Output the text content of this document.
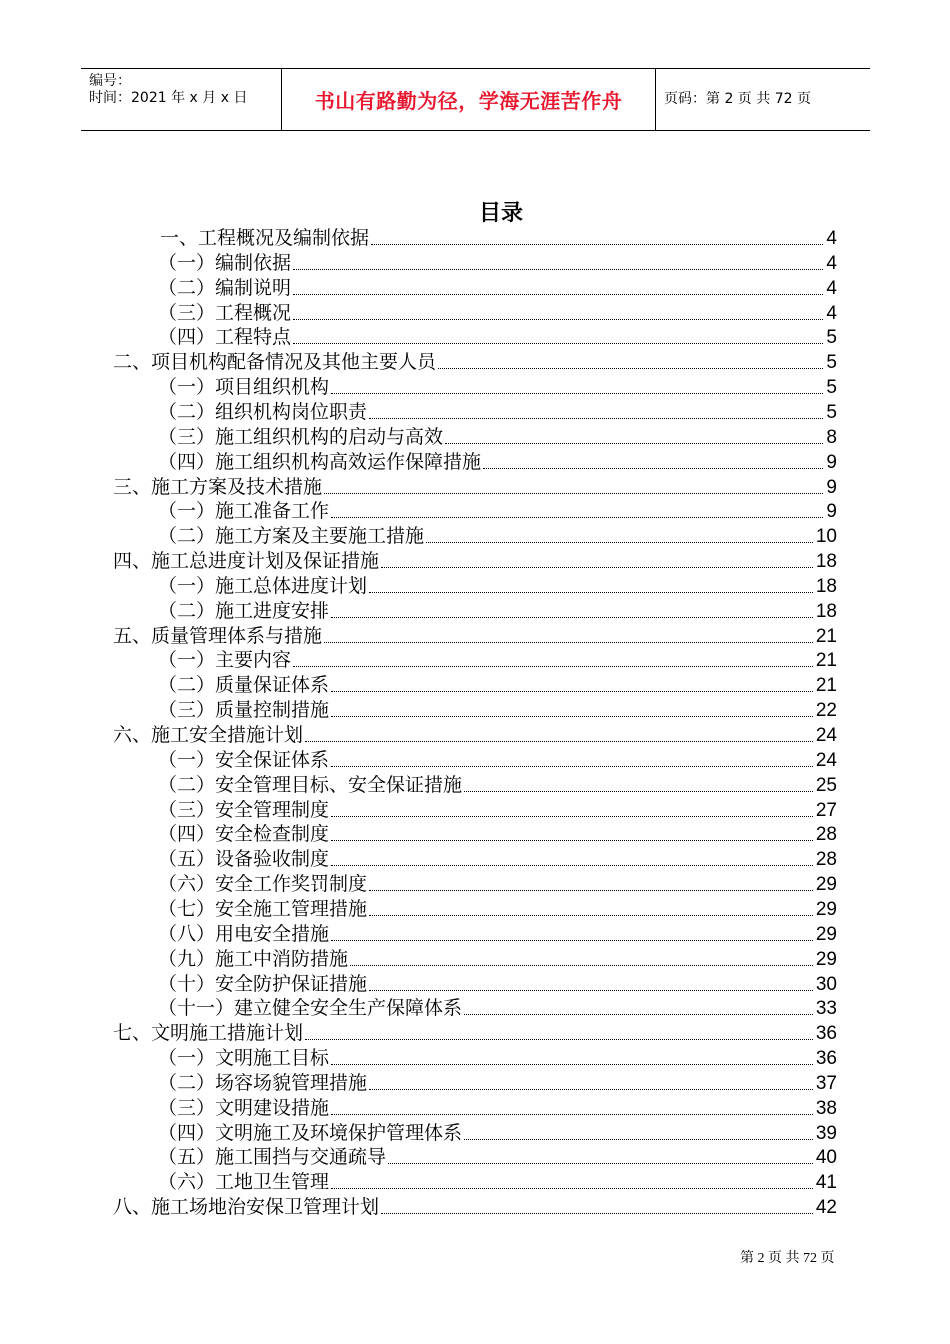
编号：
时间：2021 年 x 月 x 日	书山有路勤为径，学海无涯苦作舟	页码：第 2 页 共 72 页
目录
一、工程概况及编制依据	4
（一）编制依据	4
（二）编制说明	4
（三）工程概况	4
（四）工程特点	5
二、项目机构配备情况及其他主要人员	5
（一）项目组织机构	5
（二）组织机构岗位职责	5
（三）施工组织机构的启动与高效	8
（四）施工组织机构高效运作保障措施	9
三、施工方案及技术措施	9
（一）施工准备工作	9
（二）施工方案及主要施工措施	10
四、施工总进度计划及保证措施	18
（一）施工总体进度计划	18
（二）施工进度安排	18
五、质量管理体系与措施	21
（一）主要内容	21
（二）质量保证体系	21
（三）质量控制措施	22
六、施工安全措施计划	24
（一）安全保证体系	24
（二）安全管理目标、安全保证措施	25
（三）安全管理制度	27
（四）安全检查制度	28
（五）设备验收制度	28
（六）安全工作奖罚制度	29
（七）安全施工管理措施	29
（八）用电安全措施	29
（九）施工中消防措施	29
（十）安全防护保证措施	30
（十一）建立健全安全生产保障体系	33
七、文明施工措施计划	36
（一）文明施工目标	36
（二）场容场貌管理措施	37
（三）文明建设措施	38
（四）文明施工及环境保护管理体系	39
（五）施工围挡与交通疏导	40
（六）工地卫生管理	41
八、施工场地治安保卫管理计划	42
第 2 页 共 72 页
